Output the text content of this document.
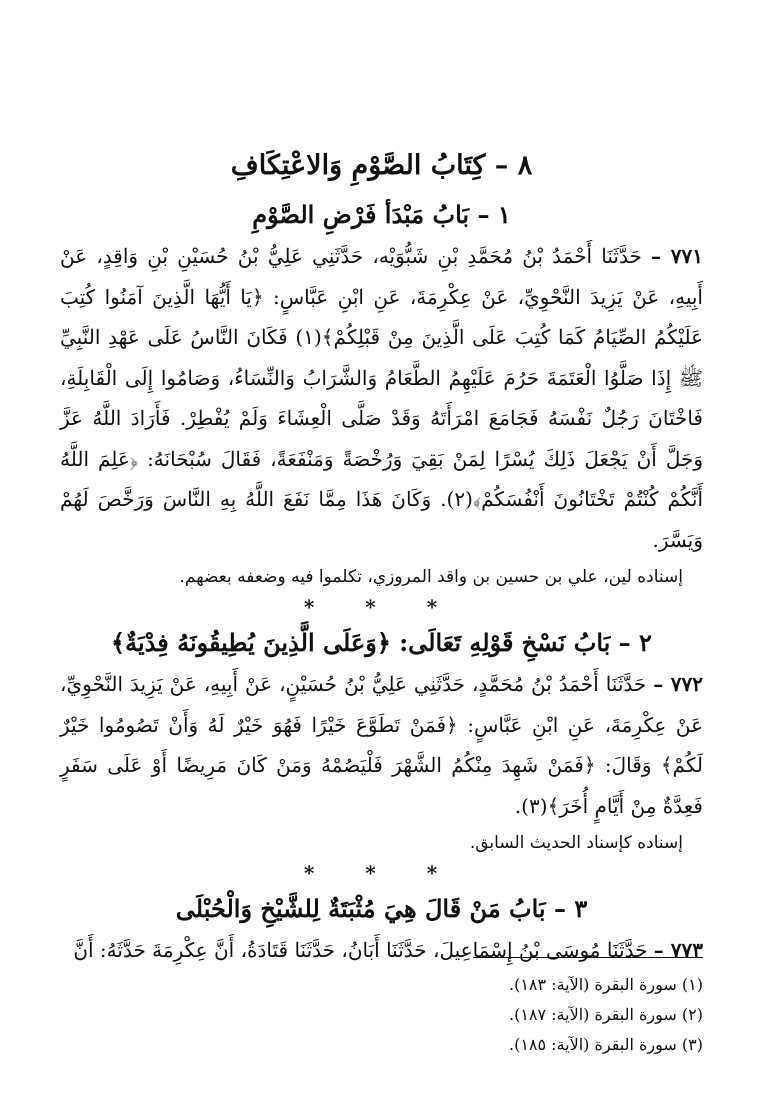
٨ – كِتَابُ الصَّوْمِ وَالاعْتِكَافِ
١ – بَابُ مَبْدَأ فَرْضِ الصَّوْمِ

٧٧١ – حَدَّثَنَا أَحْمَدُ بْنُ مُحَمَّدِ بْنِ شَبُّوَيْه، حَدَّثَنِي عَلِيُّ بْنُ حُسَيْنِ بْنِ وَاقِدٍ، عَنْ أَبِيهِ، عَنْ يَزِيدَ النَّحْوِيِّ، عَنْ عِكْرِمَةَ، عَنِ ابْنِ عَبَّاسٍ: ﴿يَا أَيُّهَا الَّذِينَ آمَنُوا كُتِبَ عَلَيْكُمُ الصِّيَامُ كَمَا كُتِبَ عَلَى الَّذِينَ مِنْ قَبْلِكُمْ﴾(١) فَكَانَ النَّاسُ عَلَى عَهْدِ النَّبِيِّ ﷺ إِذَا صَلَّوُا الْعَتَمَةَ حَرُمَ عَلَيْهِمُ الطَّعَامُ وَالشَّرَابُ وَالنِّسَاءُ، وَصَامُوا إِلَى الْقَابِلَةِ، فَاخْتَانَ رَجُلٌ نَفْسَهُ فَجَامَعَ امْرَأَتَهُ وَقَدْ صَلَّى الْعِشَاءَ وَلَمْ يُفْطِرْ. فَأَرَادَ اللَّهُ عَزَّ وَجَلَّ أَنْ يَجْعَلَ ذَلِكَ يُسْرًا لِمَنْ بَقِيَ وَرُخْصَةً وَمَنْفَعَةً، فَقَالَ سُبْحَانَهُ: ﴿عَلِمَ اللَّهُ أَنَّكُمْ كُنْتُمْ تَخْتَانُونَ أَنْفُسَكُمْ﴾(٢). وَكَانَ هَذَا مِمَّا نَفَعَ اللَّهُ بِهِ النَّاسَ وَرَخَّصَ لَهُمْ وَيَسَّرَ.

إسناده لين، علي بن حسين بن واقد المروزي، تكلموا فيه وضعفه بعضهم.
* * *
٢ – بَابُ نَسْخِ قَوْلِهِ تَعَالَى: ﴿وَعَلَى الَّذِينَ يُطِيقُونَهُ فِدْيَةٌ﴾

٧٧٢ – حَدَّثَنَا أَحْمَدُ بْنُ مُحَمَّدٍ، حَدَّثَنِي عَلِيُّ بْنُ حُسَيْنٍ، عَنْ أَبِيهِ، عَنْ يَزِيدَ النَّحْوِيِّ، عَنْ عِكْرِمَةَ، عَنِ ابْنِ عَبَّاسٍ: ﴿فَمَنْ تَطَوَّعَ خَيْرًا فَهُوَ خَيْرٌ لَهُ وَأَنْ تَصُومُوا خَيْرٌ لَكُمْ﴾ وَقَالَ: ﴿فَمَنْ شَهِدَ مِنْكُمُ الشَّهْرَ فَلْيَصُمْهُ وَمَنْ كَانَ مَرِيضًا أَوْ عَلَى سَفَرٍ فَعِدَّةٌ مِنْ أَيَّامٍ أُخَرَ﴾(٣).

إسناده كإسناد الحديث السابق.
* * *
٣ – بَابُ مَنْ قَالَ هِيَ مُثْبَتَةٌ لِلشَّيْخِ وَالْحُبْلَى

٧٧٣ – حَدَّثَنَا مُوسَى بْنُ إِسْمَاعِيلَ، حَدَّثَنَا أَبَانُ، حَدَّثَنَا قَتَادَةُ، أَنَّ عِكْرِمَةَ حَدَّثَهُ: أَنَّ

(١) سورة البقرة (الآية: ١٨٣).
(٢) سورة البقرة (الآية: ١٨٧).
(٣) سورة البقرة (الآية: ١٨٥).
